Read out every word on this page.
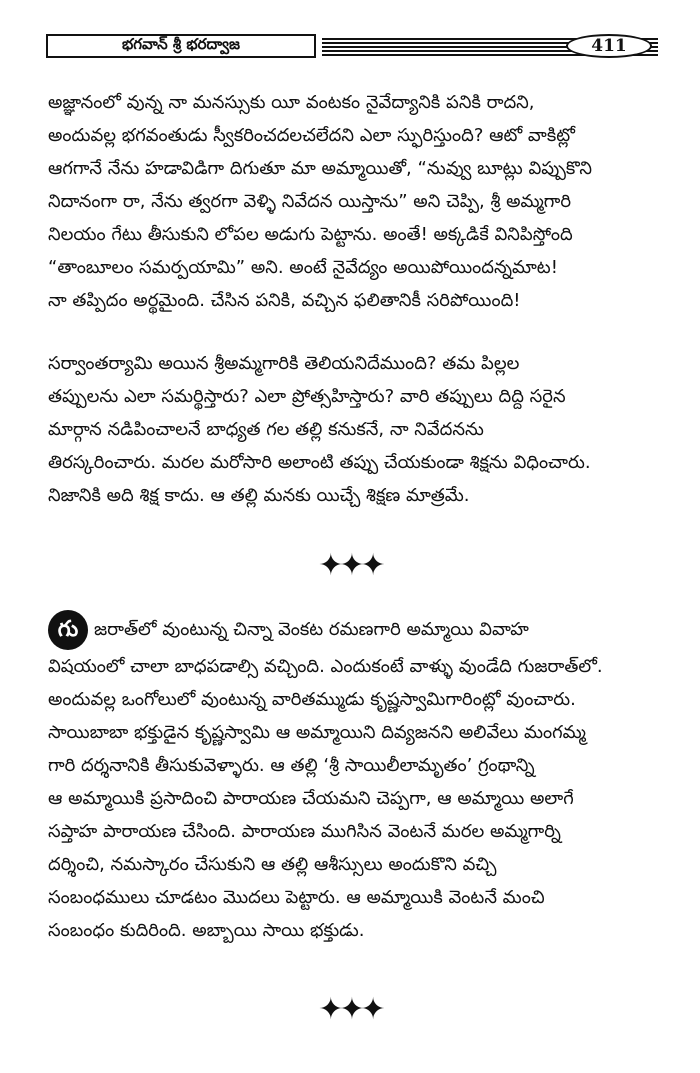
భగవాన్ శ్రీ భరద్వాజ	411
అజ్ఞానంలో వున్న నా మనస్సుకు యీ వంటకం నైవేద్యానికి పనికి రాదని,
అందువల్ల భగవంతుడు స్వీకరించదలచలేదని ఎలా స్ఫురిస్తుంది? ఆటో వాకిట్లో
ఆగగానే నేను హడావిడిగా దిగుతూ మా అమ్మాయితో, “నువ్వు బూట్లు విప్పుకొని
నిదానంగా రా, నేను త్వరగా వెళ్ళి నివేదన యిస్తాను” అని చెప్పి, శ్రీ అమ్మగారి
నిలయం గేటు తీసుకుని లోపల అడుగు పెట్టాను. అంతే! అక్కడికే వినిపిస్తోంది
“తాంబూలం సమర్పయామి” అని. అంటే నైవేద్యం అయిపోయిందన్నమాట!
నా తప్పిదం అర్థమైంది. చేసిన పనికి, వచ్చిన ఫలితానికీ సరిపోయింది!
సర్వాంతర్యామి అయిన శ్రీఅమ్మగారికి తెలియనిదేముంది? తమ పిల్లల
తప్పులను ఎలా సమర్థిస్తారు? ఎలా ప్రోత్సహిస్తారు? వారి తప్పులు దిద్ది సరైన
మార్గాన నడిపించాలనే బాధ్యత గల తల్లి కనుకనే, నా నివేదనను
తిరస్కరించారు. మరల మరోసారి అలాంటి తప్పు చేయకుండా శిక్షను విధించారు.
నిజానికి అది శిక్ష కాదు. ఆ తల్లి మనకు యిచ్చే శిక్షణ మాత్రమే.
✦✦✦
గు జరాత్‌లో వుంటున్న చిన్నా వెంకట రమణగారి అమ్మాయి వివాహ
విషయంలో చాలా బాధపడాల్సి వచ్చింది. ఎందుకంటే వాళ్ళు వుండేది గుజరాత్‌లో.
అందువల్ల ఒంగోలులో వుంటున్న వారితమ్ముడు కృష్ణస్వామిగారింట్లో వుంచారు.
సాయిబాబా భక్తుడైన కృష్ణస్వామి ఆ అమ్మాయిని దివ్యజనని అలివేలు మంగమ్మ
గారి దర్శనానికి తీసుకువెళ్ళారు. ఆ తల్లి ‘శ్రీ సాయిలీలామృతం’ గ్రంథాన్ని
ఆ అమ్మాయికి ప్రసాదించి పారాయణ చేయమని చెప్పగా, ఆ అమ్మాయి అలాగే
సప్తాహ పారాయణ చేసింది. పారాయణ ముగిసిన వెంటనే మరల అమ్మగార్ని
దర్శించి, నమస్కారం చేసుకుని ఆ తల్లి ఆశీస్సులు అందుకొని వచ్చి
సంబంధములు చూడటం మొదలు పెట్టారు. ఆ అమ్మాయికి వెంటనే మంచి
సంబంధం కుదిరింది. అబ్బాయి సాయి భక్తుడు.
✦✦✦
